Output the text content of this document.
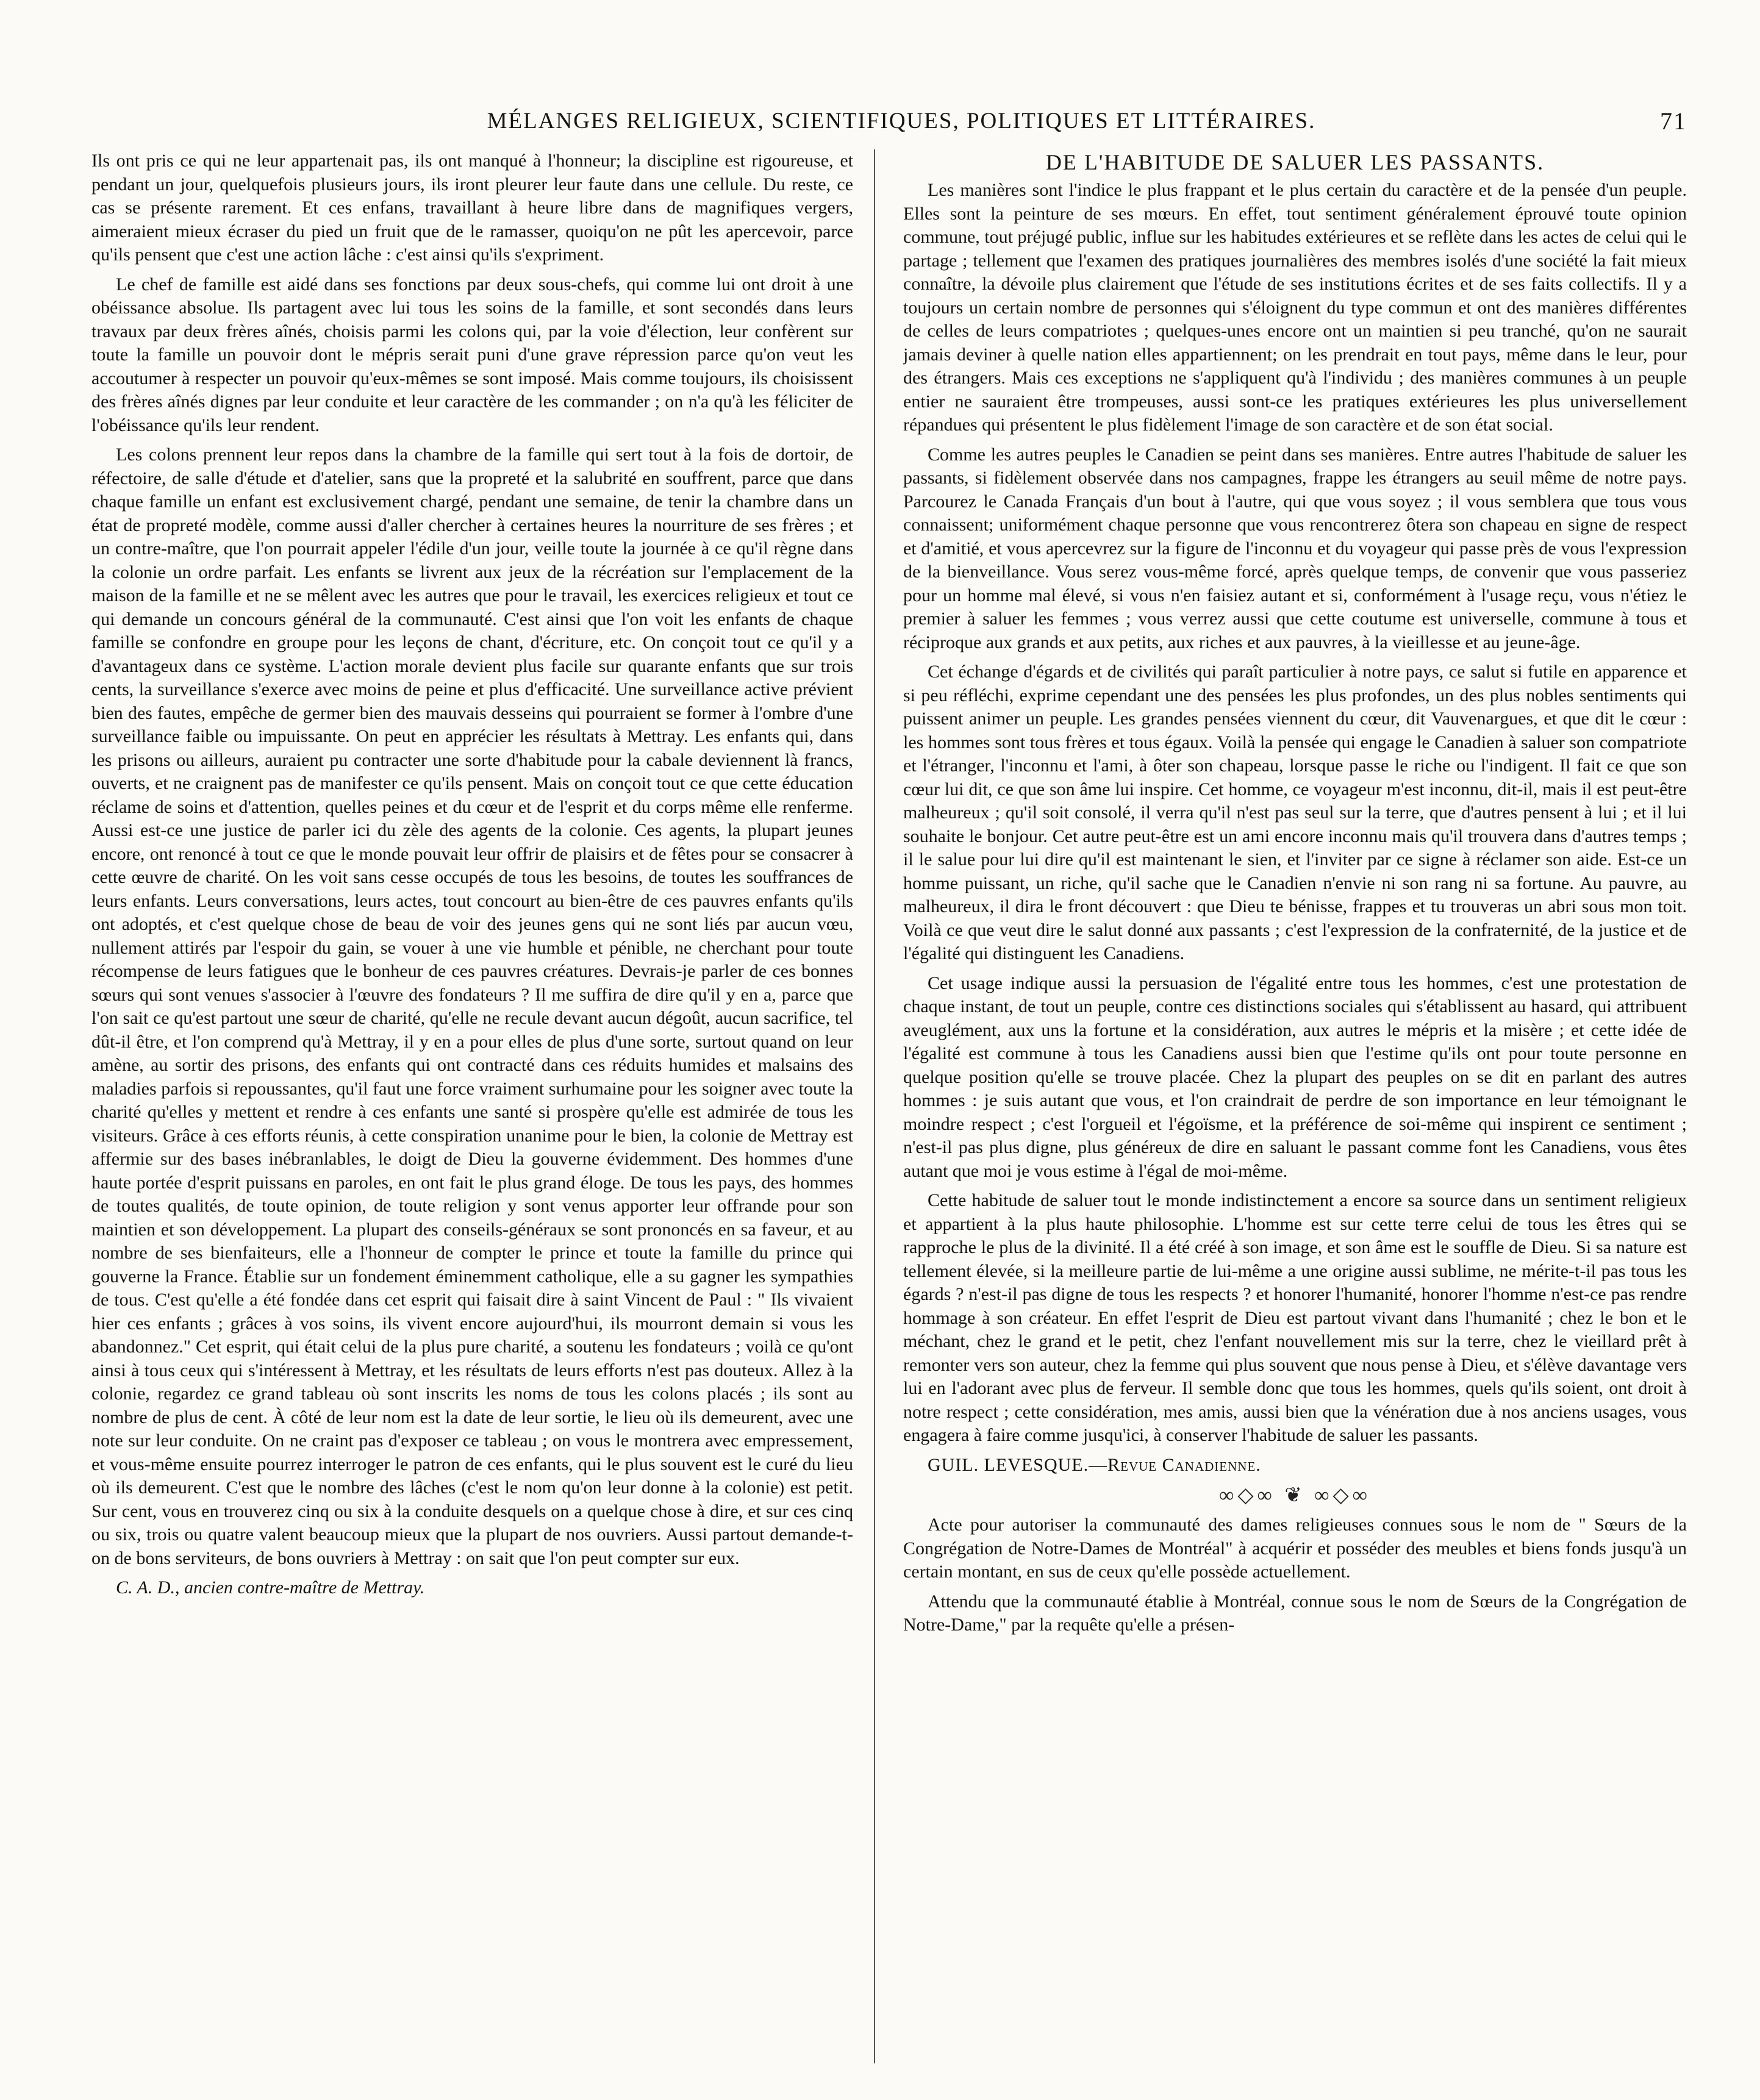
MÉLANGES RELIGIEUX, SCIENTIFIQUES, POLITIQUES ET LITTÉRAIRES.	71

Ils ont pris ce qui ne leur appartenait pas, ils ont manqué à l'honneur; la discipline est rigoureuse, et pendant un jour, quelquefois plusieurs jours, ils iront pleurer leur faute dans une cellule. Du reste, ce cas se présente rarement. Et ces enfans, travaillant à heure libre dans de magnifiques vergers, aimeraient mieux écraser du pied un fruit que de le ramasser, quoiqu'on ne pût les apercevoir, parce qu'ils pensent que c'est une action lâche : c'est ainsi qu'ils s'expriment.

Le chef de famille est aidé dans ses fonctions par deux sous-chefs, qui comme lui ont droit à une obéissance absolue. Ils partagent avec lui tous les soins de la famille, et sont secondés dans leurs travaux par deux frères aînés, choisis parmi les colons qui, par la voie d'élection, leur confèrent sur toute la famille un pouvoir dont le mépris serait puni d'une grave répression parce qu'on veut les accoutumer à respecter un pouvoir qu'eux-mêmes se sont imposé. Mais comme toujours, ils choisissent des frères aînés dignes par leur conduite et leur caractère de les commander ; on n'a qu'à les féliciter de l'obéissance qu'ils leur rendent.

Les colons prennent leur repos dans la chambre de la famille qui sert tout à la fois de dortoir, de réfectoire, de salle d'étude et d'atelier, sans que la propreté et la salubrité en souffrent, parce que dans chaque famille un enfant est exclusivement chargé, pendant une semaine, de tenir la chambre dans un état de propreté modèle, comme aussi d'aller chercher à certaines heures la nourriture de ses frères ; et un contre-maître, que l'on pourrait appeler l'édile d'un jour, veille toute la journée à ce qu'il règne dans la colonie un ordre parfait. Les enfants se livrent aux jeux de la récréation sur l'emplacement de la maison de la famille et ne se mêlent avec les autres que pour le travail, les exercices religieux et tout ce qui demande un concours général de la communauté. C'est ainsi que l'on voit les enfants de chaque famille se confondre en groupe pour les leçons de chant, d'écriture, etc. On conçoit tout ce qu'il y a d'avantageux dans ce système. L'action morale devient plus facile sur quarante enfants que sur trois cents, la surveillance s'exerce avec moins de peine et plus d'efficacité. Une surveillance active prévient bien des fautes, empêche de germer bien des mauvais desseins qui pourraient se former à l'ombre d'une surveillance faible ou impuissante. On peut en apprécier les résultats à Mettray. Les enfants qui, dans les prisons ou ailleurs, auraient pu contracter une sorte d'habitude pour la cabale deviennent là francs, ouverts, et ne craignent pas de manifester ce qu'ils pensent. Mais on conçoit tout ce que cette éducation réclame de soins et d'attention, quelles peines et du cœur et de l'esprit et du corps même elle renferme. Aussi est-ce une justice de parler ici du zèle des agents de la colonie. Ces agents, la plupart jeunes encore, ont renoncé à tout ce que le monde pouvait leur offrir de plaisirs et de fêtes pour se consacrer à cette œuvre de charité. On les voit sans cesse occupés de tous les besoins, de toutes les souffrances de leurs enfants. Leurs conversations, leurs actes, tout concourt au bien-être de ces pauvres enfants qu'ils ont adoptés, et c'est quelque chose de beau de voir des jeunes gens qui ne sont liés par aucun vœu, nullement attirés par l'espoir du gain, se vouer à une vie humble et pénible, ne cherchant pour toute récompense de leurs fatigues que le bonheur de ces pauvres créatures. Devrais-je parler de ces bonnes sœurs qui sont venues s'associer à l'œuvre des fondateurs ? Il me suffira de dire qu'il y en a, parce que l'on sait ce qu'est partout une sœur de charité, qu'elle ne recule devant aucun dégoût, aucun sacrifice, tel dût-il être, et l'on comprend qu'à Mettray, il y en a pour elles de plus d'une sorte, surtout quand on leur amène, au sortir des prisons, des enfants qui ont contracté dans ces réduits humides et malsains des maladies parfois si repoussantes, qu'il faut une force vraiment surhumaine pour les soigner avec toute la charité qu'elles y mettent et rendre à ces enfants une santé si prospère qu'elle est admirée de tous les visiteurs. Grâce à ces efforts réunis, à cette conspiration unanime pour le bien, la colonie de Mettray est affermie sur des bases inébranlables, le doigt de Dieu la gouverne évidemment. Des hommes d'une haute portée d'esprit puissans en paroles, en ont fait le plus grand éloge. De tous les pays, des hommes de toutes qualités, de toute opinion, de toute religion y sont venus apporter leur offrande pour son maintien et son développement. La plupart des conseils-généraux se sont prononcés en sa faveur, et au nombre de ses bienfaiteurs, elle a l'honneur de compter le prince et toute la famille du prince qui gouverne la France. Établie sur un fondement éminemment catholique, elle a su gagner les sympathies de tous. C'est qu'elle a été fondée dans cet esprit qui faisait dire à saint Vincent de Paul : " Ils vivaient hier ces enfants ; grâces à vos soins, ils vivent encore aujourd'hui, ils mourront demain si vous les abandonnez." Cet esprit, qui était celui de la plus pure charité, a soutenu les fondateurs ; voilà ce qu'ont ainsi à tous ceux qui s'intéressent à Mettray, et les résultats de leurs efforts n'est pas douteux. Allez à la colonie, regardez ce grand tableau où sont inscrits les noms de tous les colons placés ; ils sont au nombre de plus de cent. À côté de leur nom est la date de leur sortie, le lieu où ils demeurent, avec une note sur leur conduite. On ne craint pas d'exposer ce tableau ; on vous le montrera avec empressement, et vous-même ensuite pourrez interroger le patron de ces enfants, qui le plus souvent est le curé du lieu où ils demeurent. C'est que le nombre des lâches (c'est le nom qu'on leur donne à la colonie) est petit. Sur cent, vous en trouverez cinq ou six à la conduite desquels on a quelque chose à dire, et sur ces cinq ou six, trois ou quatre valent beaucoup mieux que la plupart de nos ouvriers. Aussi partout demande-t-on de bons serviteurs, de bons ouvriers à Mettray : on sait que l'on peut compter sur eux.

C. A. D., ancien contre-maître de Mettray.

DE L'HABITUDE DE SALUER LES PASSANTS.

Les manières sont l'indice le plus frappant et le plus certain du caractère et de la pensée d'un peuple. Elles sont la peinture de ses mœurs. En effet, tout sentiment généralement éprouvé toute opinion commune, tout préjugé public, influe sur les habitudes extérieures et se reflète dans les actes de celui qui le partage ; tellement que l'examen des pratiques journalières des membres isolés d'une société la fait mieux connaître, la dévoile plus clairement que l'étude de ses institutions écrites et de ses faits collectifs. Il y a toujours un certain nombre de personnes qui s'éloignent du type commun et ont des manières différentes de celles de leurs compatriotes ; quelques-unes encore ont un maintien si peu tranché, qu'on ne saurait jamais deviner à quelle nation elles appartiennent; on les prendrait en tout pays, même dans le leur, pour des étrangers. Mais ces exceptions ne s'appliquent qu'à l'individu ; des manières communes à un peuple entier ne sauraient être trompeuses, aussi sont-ce les pratiques extérieures les plus universellement répandues qui présentent le plus fidèlement l'image de son caractère et de son état social.

Comme les autres peuples le Canadien se peint dans ses manières. Entre autres l'habitude de saluer les passants, si fidèlement observée dans nos campagnes, frappe les étrangers au seuil même de notre pays. Parcourez le Canada Français d'un bout à l'autre, qui que vous soyez ; il vous semblera que tous vous connaissent; uniformément chaque personne que vous rencontrerez ôtera son chapeau en signe de respect et d'amitié, et vous apercevrez sur la figure de l'inconnu et du voyageur qui passe près de vous l'expression de la bienveillance. Vous serez vous-même forcé, après quelque temps, de convenir que vous passeriez pour un homme mal élevé, si vous n'en faisiez autant et si, conformément à l'usage reçu, vous n'étiez le premier à saluer les femmes ; vous verrez aussi que cette coutume est universelle, commune à tous et réciproque aux grands et aux petits, aux riches et aux pauvres, à la vieillesse et au jeune-âge.

Cet échange d'égards et de civilités qui paraît particulier à notre pays, ce salut si futile en apparence et si peu réfléchi, exprime cependant une des pensées les plus profondes, un des plus nobles sentiments qui puissent animer un peuple. Les grandes pensées viennent du cœur, dit Vauvenargues, et que dit le cœur : les hommes sont tous frères et tous égaux. Voilà la pensée qui engage le Canadien à saluer son compatriote et l'étranger, l'inconnu et l'ami, à ôter son chapeau, lorsque passe le riche ou l'indigent. Il fait ce que son cœur lui dit, ce que son âme lui inspire. Cet homme, ce voyageur m'est inconnu, dit-il, mais il est peut-être malheureux ; qu'il soit consolé, il verra qu'il n'est pas seul sur la terre, que d'autres pensent à lui ; et il lui souhaite le bonjour. Cet autre peut-être est un ami encore inconnu mais qu'il trouvera dans d'autres temps ; il le salue pour lui dire qu'il est maintenant le sien, et l'inviter par ce signe à réclamer son aide. Est-ce un homme puissant, un riche, qu'il sache que le Canadien n'envie ni son rang ni sa fortune. Au pauvre, au malheureux, il dira le front découvert : que Dieu te bénisse, frappes et tu trouveras un abri sous mon toit. Voilà ce que veut dire le salut donné aux passants ; c'est l'expression de la confraternité, de la justice et de l'égalité qui distinguent les Canadiens.

Cet usage indique aussi la persuasion de l'égalité entre tous les hommes, c'est une protestation de chaque instant, de tout un peuple, contre ces distinctions sociales qui s'établissent au hasard, qui attribuent aveuglément, aux uns la fortune et la considération, aux autres le mépris et la misère ; et cette idée de l'égalité est commune à tous les Canadiens aussi bien que l'estime qu'ils ont pour toute personne en quelque position qu'elle se trouve placée. Chez la plupart des peuples on se dit en parlant des autres hommes : je suis autant que vous, et l'on craindrait de perdre de son importance en leur témoignant le moindre respect ; c'est l'orgueil et l'égoïsme, et la préférence de soi-même qui inspirent ce sentiment ; n'est-il pas plus digne, plus généreux de dire en saluant le passant comme font les Canadiens, vous êtes autant que moi je vous estime à l'égal de moi-même.

Cette habitude de saluer tout le monde indistinctement a encore sa source dans un sentiment religieux et appartient à la plus haute philosophie. L'homme est sur cette terre celui de tous les êtres qui se rapproche le plus de la divinité. Il a été créé à son image, et son âme est le souffle de Dieu. Si sa nature est tellement élevée, si la meilleure partie de lui-même a une origine aussi sublime, ne mérite-t-il pas tous les égards ? n'est-il pas digne de tous les respects ? et honorer l'humanité, honorer l'homme n'est-ce pas rendre hommage à son créateur. En effet l'esprit de Dieu est partout vivant dans l'humanité ; chez le bon et le méchant, chez le grand et le petit, chez l'enfant nouvellement mis sur la terre, chez le vieillard prêt à remonter vers son auteur, chez la femme qui plus souvent que nous pense à Dieu, et s'élève davantage vers lui en l'adorant avec plus de ferveur. Il semble donc que tous les hommes, quels qu'ils soient, ont droit à notre respect ; cette considération, mes amis, aussi bien que la vénération due à nos anciens usages, vous engagera à faire comme jusqu'ici, à conserver l'habitude de saluer les passants.

GUIL. LEVESQUE.—Revue Canadienne.

∞◇∞ ❦ ∞◇∞

Acte pour autoriser la communauté des dames religieuses connues sous le nom de " Sœurs de la Congrégation de Notre-Dames de Montréal" à acquérir et posséder des meubles et biens fonds jusqu'à un certain montant, en sus de ceux qu'elle possède actuellement.

Attendu que la communauté établie à Montréal, connue sous le nom de Sœurs de la Congrégation de Notre-Dame," par la requête qu'elle a présen-
